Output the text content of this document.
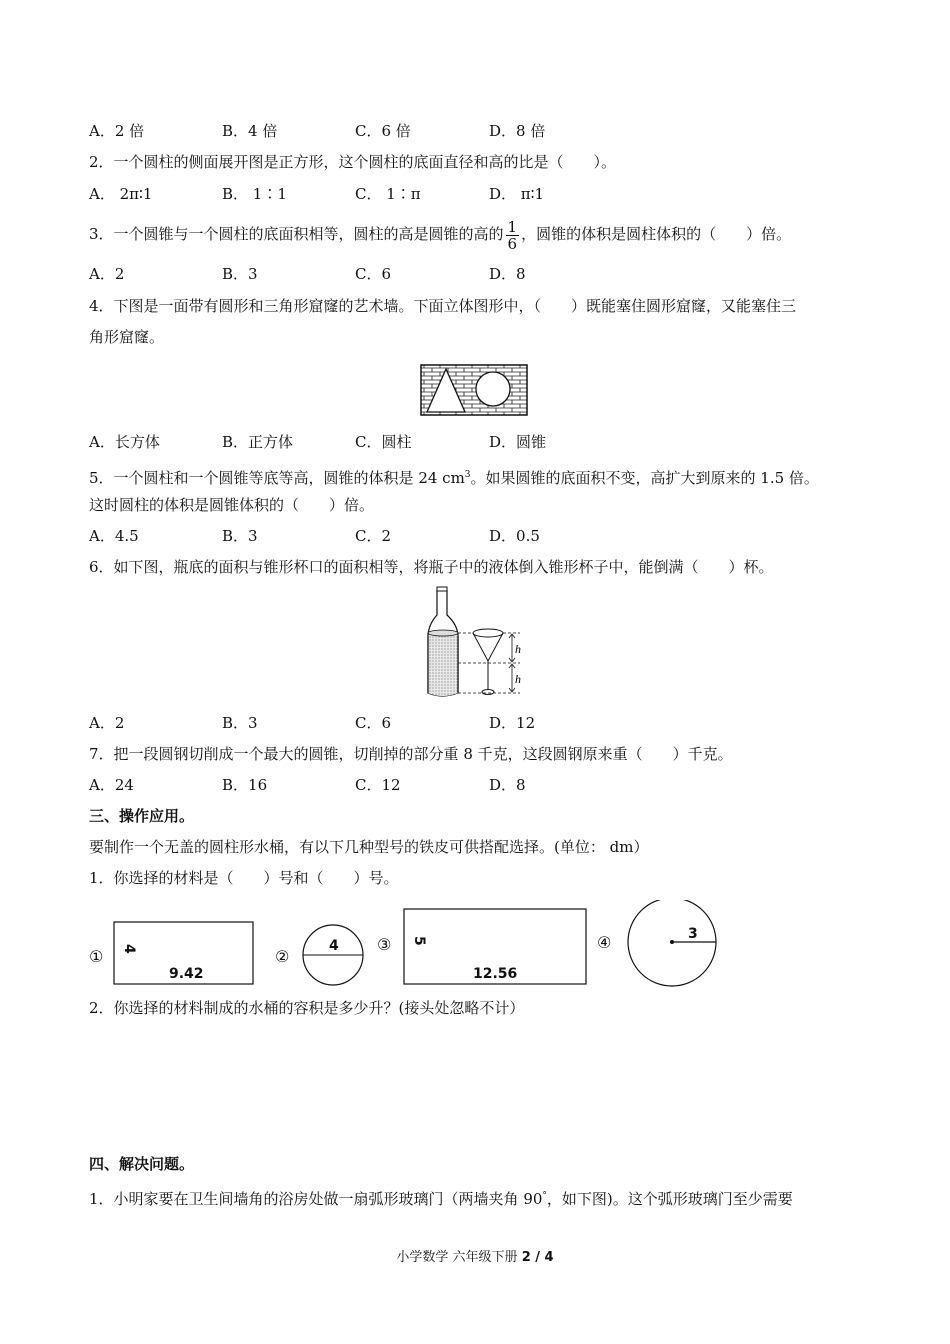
A．2 倍	B．4 倍	C．6 倍	D．8 倍
2．一个圆柱的侧面展开图是正方形，这个圆柱的底面直径和高的比是（　　）。
A． 2π∶1	B． 1∶1	C． 1∶π	D． π∶1
3．一个圆锥与一个圆柱的底面积相等，圆柱的高是圆锥的高的 $\frac{1}{6}$ ，圆锥的体积是圆柱体积的（　　）倍。
A．2	B．3	C．6	D．8
4．下图是一面带有圆形和三角形窟窿的艺术墙。下面立体图形中，（　　）既能塞住圆形窟窿，又能塞住三
角形窟窿。
A．长方体	B．正方体	C．圆柱	D．圆锥
5．一个圆柱和一个圆锥等底等高，圆锥的体积是 24 $cm^3$。如果圆锥的底面积不变，高扩大到原来的 1.5 倍。
这时圆柱的体积是圆锥体积的（　　）倍。
A．4.5	B．3	C．2	D．0.5
6．如下图，瓶底的面积与锥形杯口的面积相等，将瓶子中的液体倒入锥形杯子中，能倒满（　　）杯。
h
h
A．2	B．3	C．6	D．12
7．把一段圆钢切削成一个最大的圆锥，切削掉的部分重 8 千克，这段圆钢原来重（　　）千克。
A．24	B．16	C．12	D．8
三、操作应用。
要制作一个无盖的圆柱形水桶，有以下几种型号的铁皮可供搭配选择。(单位： dm）
1．你选择的材料是（　　）号和（　　）号。
① 4
9.42
②
4 ③ 5
12.56
④	3
2．你选择的材料制成的水桶的容积是多少升？(接头处忽略不计）
四、解决问题。
1．小明家要在卫生间墙角的浴房处做一扇弧形玻璃门（两墙夹角 90°，如下图)。这个弧形玻璃门至少需要
小学数学 六年级下册 2 / 4
